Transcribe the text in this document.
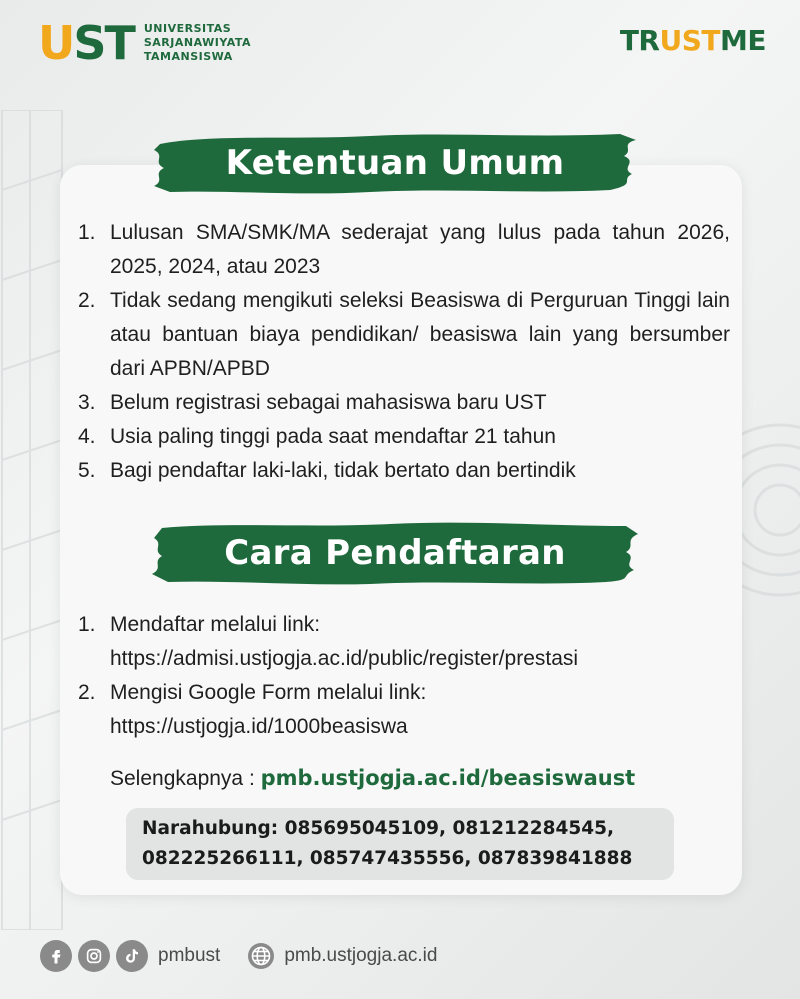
UST UNIVERSITAS
SARJANAWIYATA
TAMANSISWA	TRUSTME
Ketentuan Umum
1. Lulusan SMA/SMK/MA sederajat yang lulus pada tahun 2026, 2025, 2024, atau 2023
2. Tidak sedang mengikuti seleksi Beasiswa di Perguruan Tinggi lain atau bantuan biaya pendidikan/ beasiswa lain yang bersumber dari APBN/APBD
3. Belum registrasi sebagai mahasiswa baru UST
4. Usia paling tinggi pada saat mendaftar 21 tahun
5. Bagi pendaftar laki-laki, tidak bertato dan bertindik
Cara Pendaftaran
1. Mendaftar melalui link:
https://admisi.ustjogja.ac.id/public/register/prestasi
2. Mengisi Google Form melalui link:
https://ustjogja.id/1000beasiswa
Selengkapnya : pmb.ustjogja.ac.id/beasiswaust
Narahubung: 085695045109, 081212284545,
082225266111, 085747435556, 087839841888
pmbust	pmb.ustjogja.ac.id
